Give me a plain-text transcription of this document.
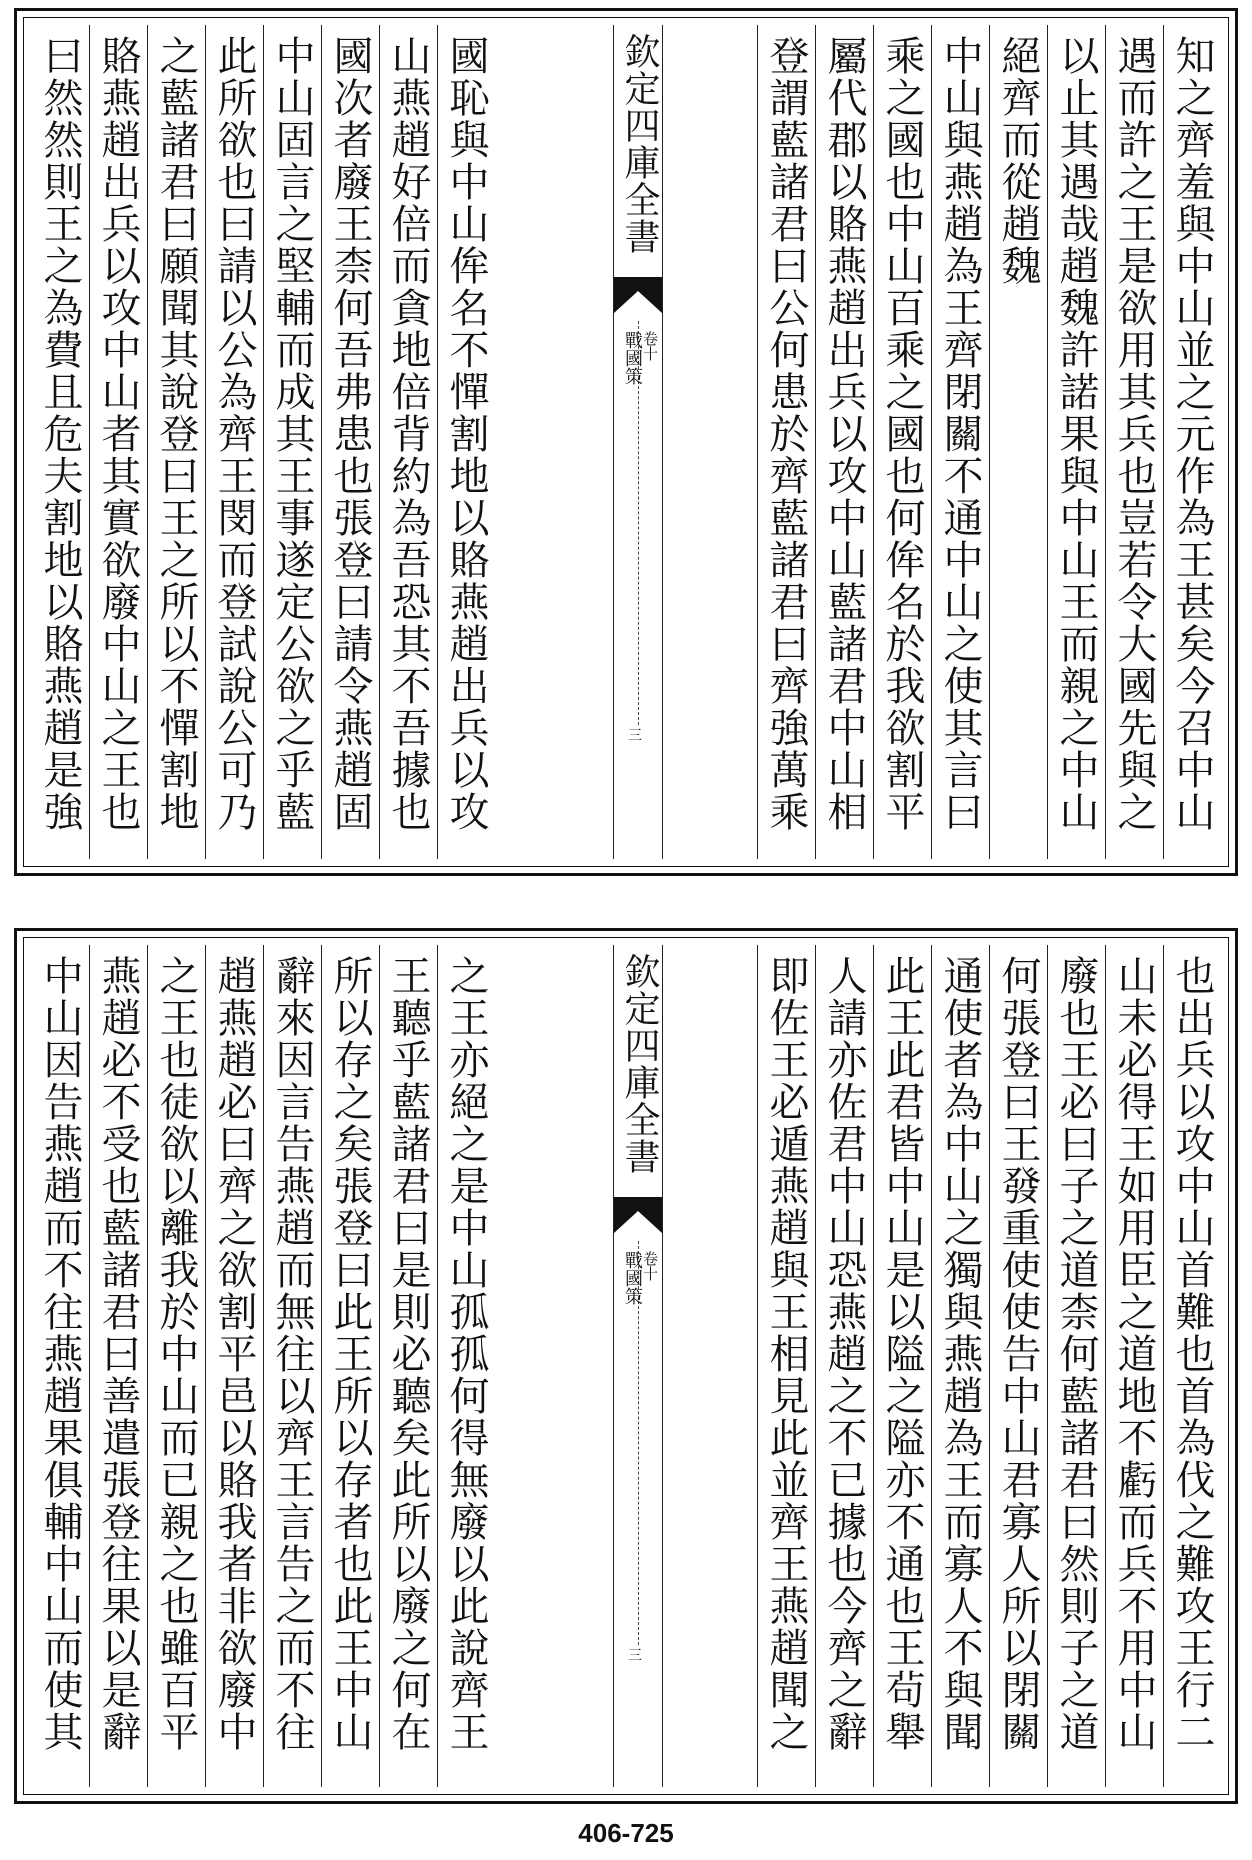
知之齊羞與中山並之元作為王甚矣今召中山
遇而許之王是欲用其兵也豈若令大國先與之
以止其遇哉趙魏許諾果與中山王而親之中山
絕齊而從趙魏
中山與燕趙為王齊閉關不通中山之使其言曰
乘之國也中山百乘之國也何侔名於我欲割平
屬代郡以賂燕趙出兵以攻中山藍諸君中山相
登謂藍諸君曰公何患於齊藍諸君曰齊強萬乘
欽定四庫全書
戰國策
卷十
三
國恥與中山侔名不憚割地以賂燕趙出兵以攻
山燕趙好倍而貪地倍背約為吾恐其不吾據也
國次者廢王柰何吾弗患也張登曰請令燕趙固
中山固言之堅輔而成其王事遂定公欲之乎藍
此所欲也曰請以公為齊王閔而登試說公可乃
之藍諸君曰願聞其說登曰王之所以不憚割地
賂燕趙出兵以攻中山者其實欲廢中山之王也
曰然然則王之為費且危夫割地以賂燕趙是強
也出兵以攻中山首難也首為伐之難攻王行二
山未必得王如用臣之道地不虧而兵不用中山
廢也王必曰子之道柰何藍諸君曰然則子之道
何張登曰王發重使使告中山君寡人所以閉關
通使者為中山之獨與燕趙為王而寡人不與聞
此王此君皆中山是以隘之隘亦不通也王茍舉
人請亦佐君中山恐燕趙之不已據也今齊之辭
即佐王必遁燕趙與王相見此並齊王燕趙聞之
欽定四庫全書
戰國策
卷十
三
之王亦絕之是中山孤孤何得無廢以此說齊王
王聽乎藍諸君曰是則必聽矣此所以廢之何在
所以存之矣張登曰此王所以存者也此王中山
辭來因言告燕趙而無往以齊王言告之而不往
趙燕趙必曰齊之欲割平邑以賂我者非欲廢中
之王也徒欲以離我於中山而已親之也雖百平
燕趙必不受也藍諸君曰善遣張登往果以是辭
中山因告燕趙而不往燕趙果俱輔中山而使其
406-725
